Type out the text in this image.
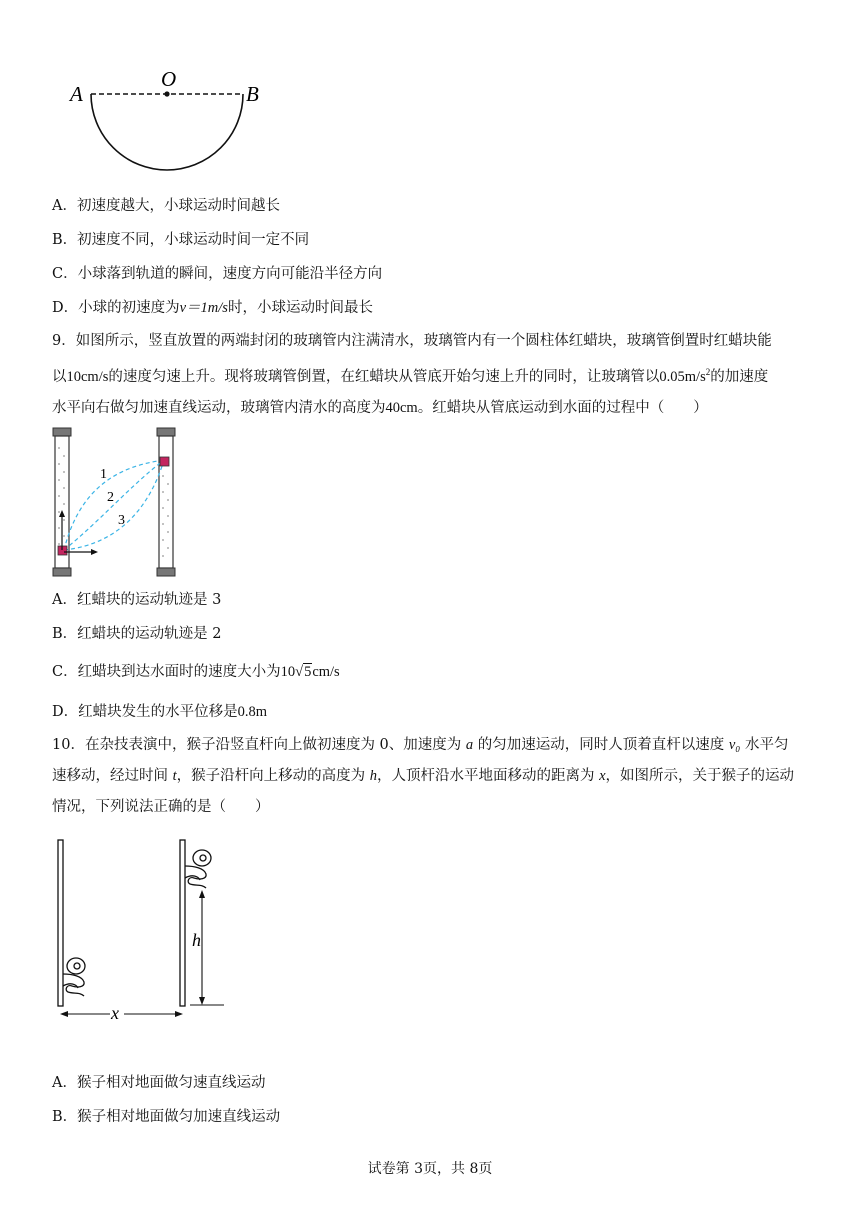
A
O
B
A．初速度越大，小球运动时间越长
B．初速度不同，小球运动时间一定不同
C．小球落到轨道的瞬间，速度方向可能沿半径方向
D．小球的初速度为v＝1m/s时，小球运动时间最长
9．如图所示，竖直放置的两端封闭的玻璃管内注满清水，玻璃管内有一个圆柱体红蜡块，玻璃管倒置时红蜡块能
以10cm/s的速度匀速上升。现将玻璃管倒置，在红蜡块从管底开始匀速上升的同时，让玻璃管以$0.05m/s^2$的加速度
水平向右做匀加速直线运动，玻璃管内清水的高度为40cm。红蜡块从管底运动到水面的过程中（　　）
1
2
3
A．红蜡块的运动轨迹是 3
B．红蜡块的运动轨迹是 2
C．红蜡块到达水面时的速度大小为10√5cm/s
D．红蜡块发生的水平位移是0.8m
10．在杂技表演中，猴子沿竖直杆向上做初速度为 0、加速度为 a 的匀加速运动，同时人顶着直杆以速度 v₀ 水平匀
速移动，经过时间 t，猴子沿杆向上移动的高度为 h，人顶杆沿水平地面移动的距离为 x，如图所示，关于猴子的运动
情况，下列说法正确的是（　　）
h
x
A．猴子相对地面做匀速直线运动
B．猴子相对地面做匀加速直线运动
试卷第 3页，共 8页
